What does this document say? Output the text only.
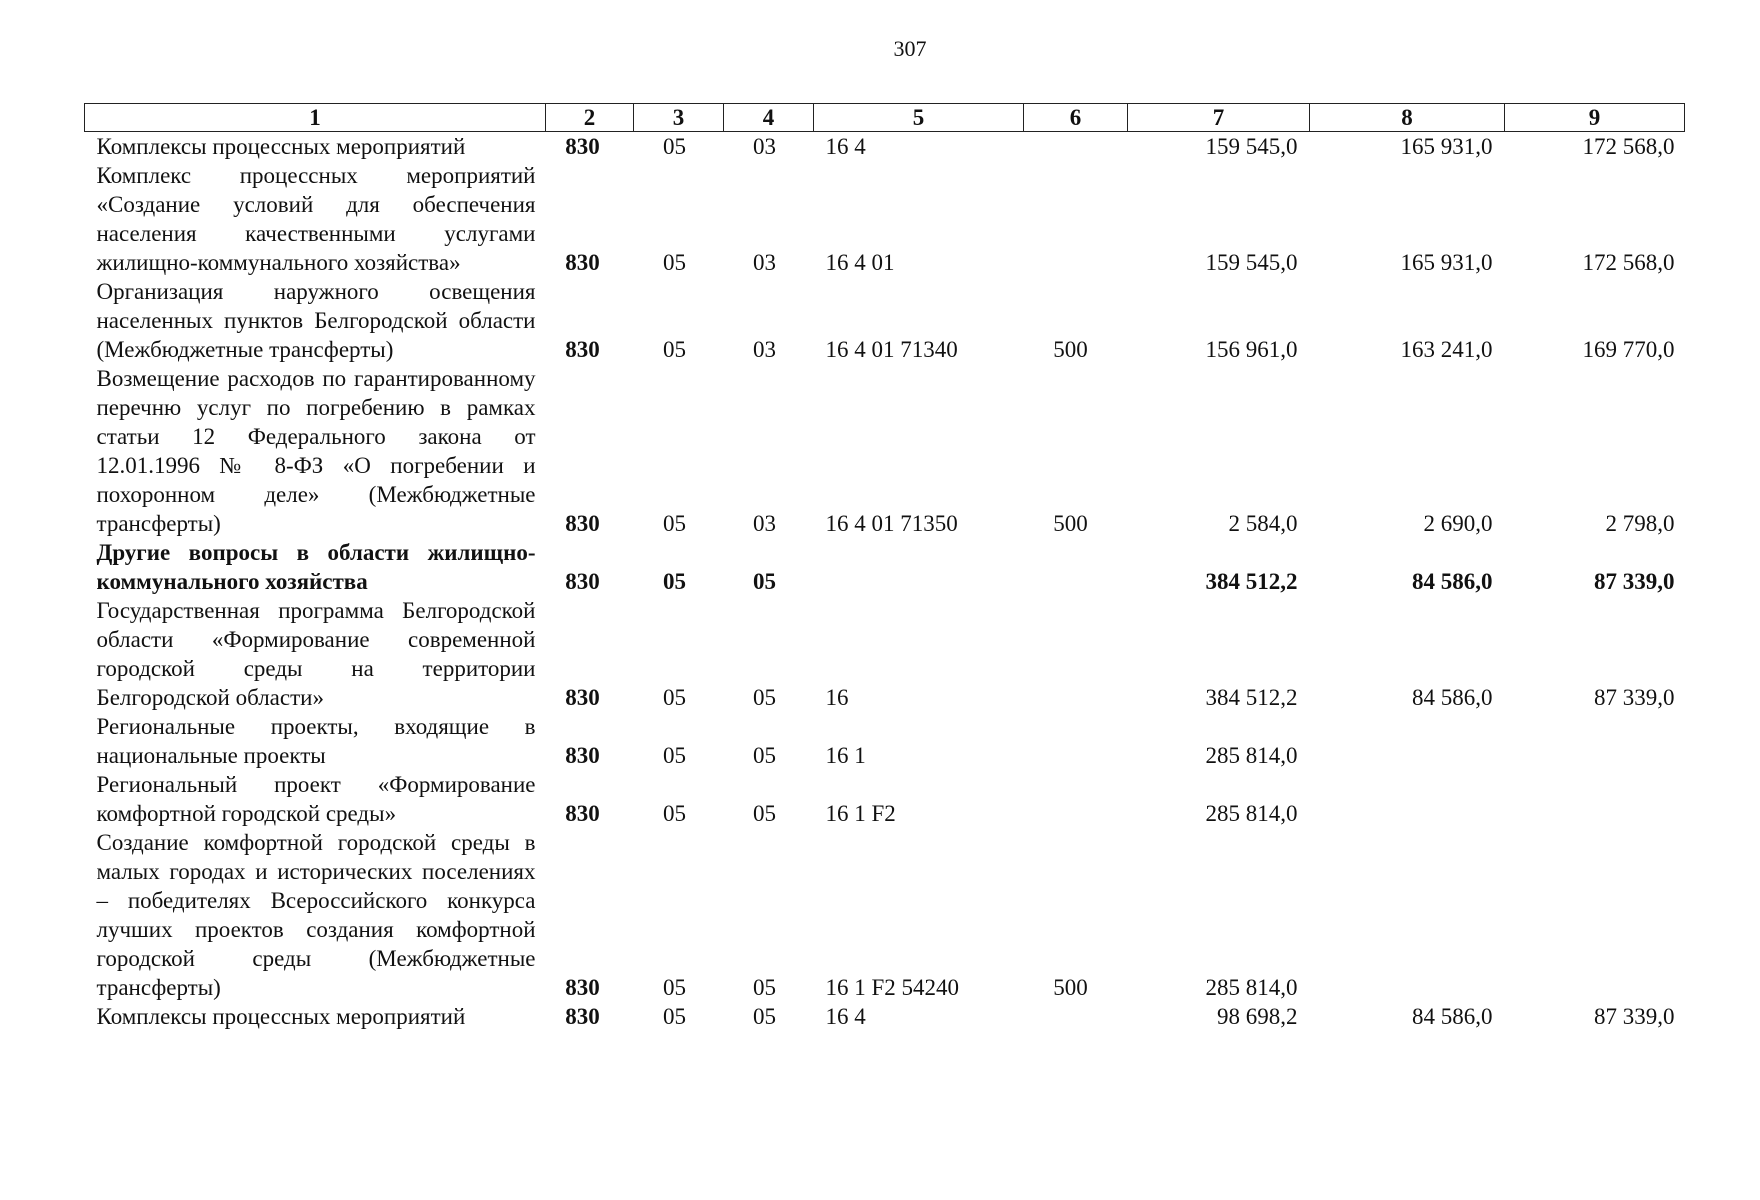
307
1	2	3	4	5	6	7	8	9
Комплексы процессных мероприятий	830	05	03	16 4		159 545,0	165 931,0	172 568,0
Комплекс процессных мероприятий «Создание условий для обеспечения населения качественными услугами жилищно-коммунального хозяйства»	830	05	03	16 4 01		159 545,0	165 931,0	172 568,0
Организация наружного освещения населенных пунктов Белгородской области (Межбюджетные трансферты)	830	05	03	16 4 01 71340	500	156 961,0	163 241,0	169 770,0
Возмещение расходов по гарантированному перечню услуг по погребению в рамках статьи 12 Федерального закона от 12.01.1996 № 8-ФЗ «О погребении и похоронном деле» (Межбюджетные трансферты)	830	05	03	16 4 01 71350	500	2 584,0	2 690,0	2 798,0
Другие вопросы в области жилищно-коммунального хозяйства	830	05	05			384 512,2	84 586,0	87 339,0
Государственная программа Белгородской области «Формирование современной городской среды на территории Белгородской области»	830	05	05	16		384 512,2	84 586,0	87 339,0
Региональные проекты, входящие в национальные проекты	830	05	05	16 1		285 814,0		
Региональный проект «Формирование комфортной городской среды»	830	05	05	16 1 F2		285 814,0		
Создание комфортной городской среды в малых городах и исторических поселениях – победителях Всероссийского конкурса лучших проектов создания комфортной городской среды (Межбюджетные трансферты)	830	05	05	16 1 F2 54240	500	285 814,0		
Комплексы процессных мероприятий	830	05	05	16 4		98 698,2	84 586,0	87 339,0
